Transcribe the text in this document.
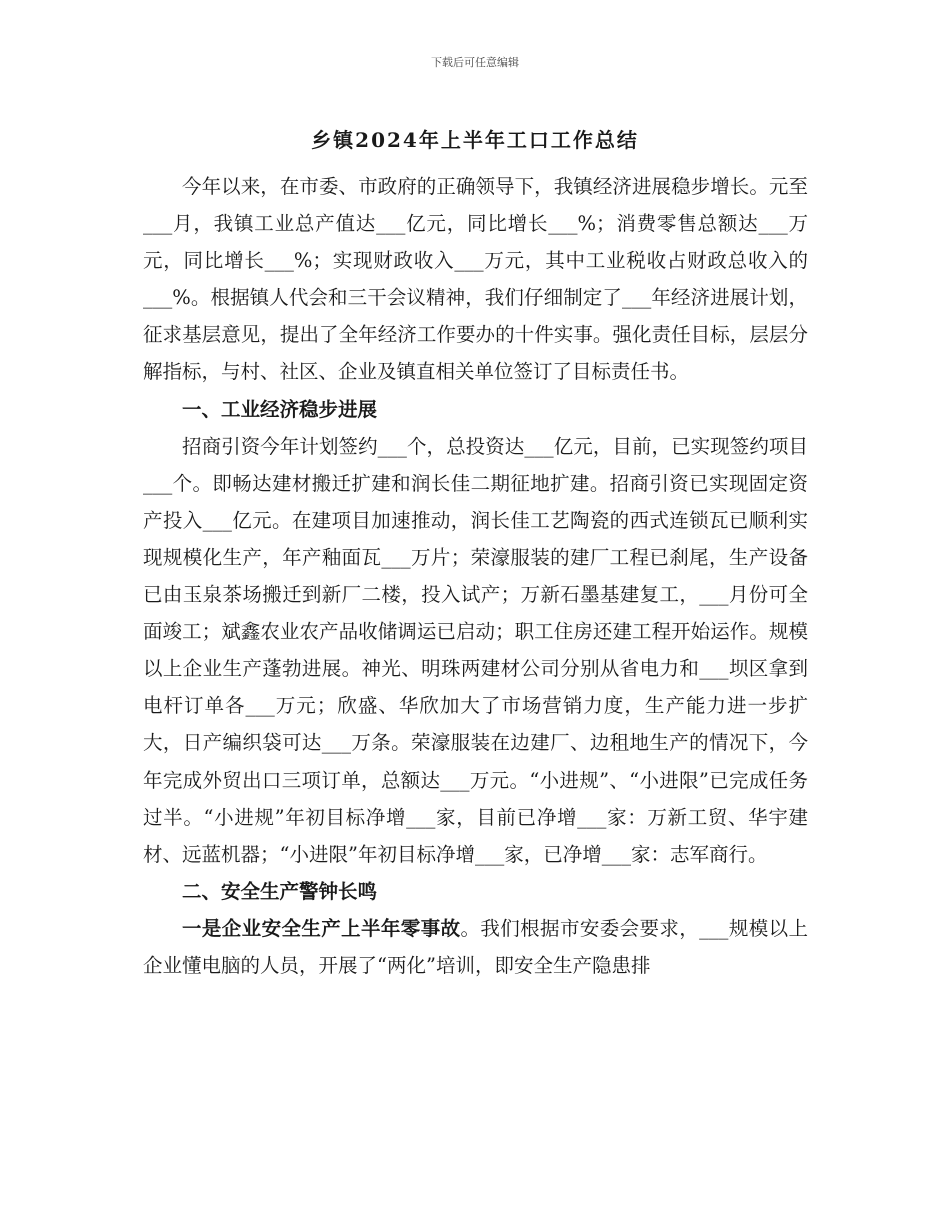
下载后可任意编辑
乡镇2024年上半年工口工作总结

今年以来，在市委、市政府的正确领导下，我镇经济进展稳步增长。元至___月，我镇工业总产值达___亿元，同比增长___%；消费零售总额达___万元，同比增长___%；实现财政收入___万元，其中工业税收占财政总收入的___%。根据镇人代会和三干会议精神，我们仔细制定了___年经济进展计划，征求基层意见，提出了全年经济工作要办的十件实事。强化责任目标，层层分解指标，与村、社区、企业及镇直相关单位签订了目标责任书。

一、工业经济稳步进展

招商引资今年计划签约___个，总投资达___亿元，目前，已实现签约项目___个。即畅达建材搬迁扩建和润长佳二期征地扩建。招商引资已实现固定资产投入___亿元。在建项目加速推动，润长佳工艺陶瓷的西式连锁瓦已顺利实现规模化生产，年产釉面瓦___万片；荣濠服装的建厂工程已刹尾，生产设备已由玉泉茶场搬迁到新厂二楼，投入试产；万新石墨基建复工，___月份可全面竣工；斌鑫农业农产品收储调运已启动；职工住房还建工程开始运作。规模以上企业生产蓬勃进展。神光、明珠两建材公司分别从省电力和___坝区拿到电杆订单各___万元；欣盛、华欣加大了市场营销力度，生产能力进一步扩大，日产编织袋可达___万条。荣濠服装在边建厂、边租地生产的情况下，今年完成外贸出口三项订单，总额达___万元。“小进规”、“小进限”已完成任务过半。“小进规”年初目标净增___家，目前已净增___家：万新工贸、华宇建材、远蓝机器；“小进限”年初目标净增___家，已净增___家：志军商行。

二、安全生产警钟长鸣

一是企业安全生产上半年零事故。我们根据市安委会要求，___规模以上企业懂电脑的人员，开展了“两化”培训，即安全生产隐患排
